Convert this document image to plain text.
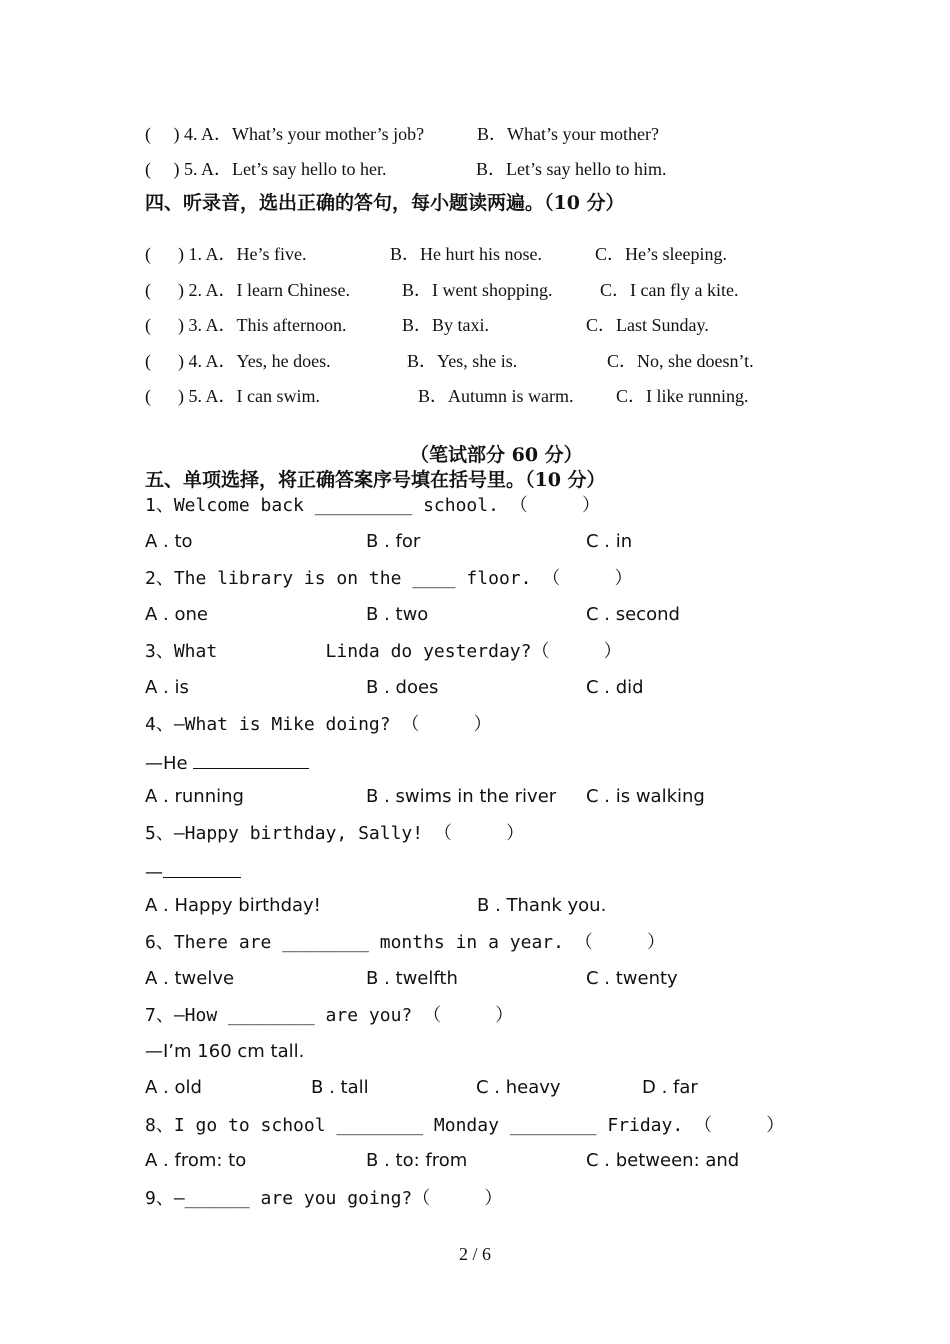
(     ) 4. A．What’s your mother’s job?	B．What’s your mother?
(     ) 5. A．Let’s say hello to her.	B．Let’s say hello to him.
四、听录音，选出正确的答句，每小题读两遍。（10 分）
(      ) 1. A．He’s five.	B．He hurt his nose.	C．He’s sleeping.
(      ) 2. A．I learn Chinese.	B．I went shopping.	C．I can fly a kite.
(      ) 3. A．This afternoon.	B．By taxi.	C．Last Sunday.
(      ) 4. A．Yes, he does.	B．Yes, she is.	C．No, she doesn’t.
(      ) 5. A．I can swim.	B．Autumn is warm. C．I like running.
（笔试部分 60 分）
五、单项选择，将正确答案序号填在括号里。（10 分）
1、Welcome back _________ school. （     ）
A . to	B . for	C . in
2、The library is on the ____ floor. （     ）
A . one	B . two	C . second
3、What          Linda do yesterday?（     ）
A . is	B . does	C . did
4、—What is Mike doing? （     ）
—He
A . running	B . swims in the river C . is walking
5、—Happy birthday, Sally! （     ）
—
A . Happy birthday!	B . Thank you.
6、There are ________ months in a year. （     ）
A . twelve	B . twelfth	C . twenty
7、—How ________ are you? （     ）
—I’m 160 cm tall.
A . old	B . tall	C . heavy	D . far
8、I go to school ________ Monday ________ Friday. （     ）
A . from: to	B . to: from	C . between: and
9、—______ are you going?（     ）
2 / 6
